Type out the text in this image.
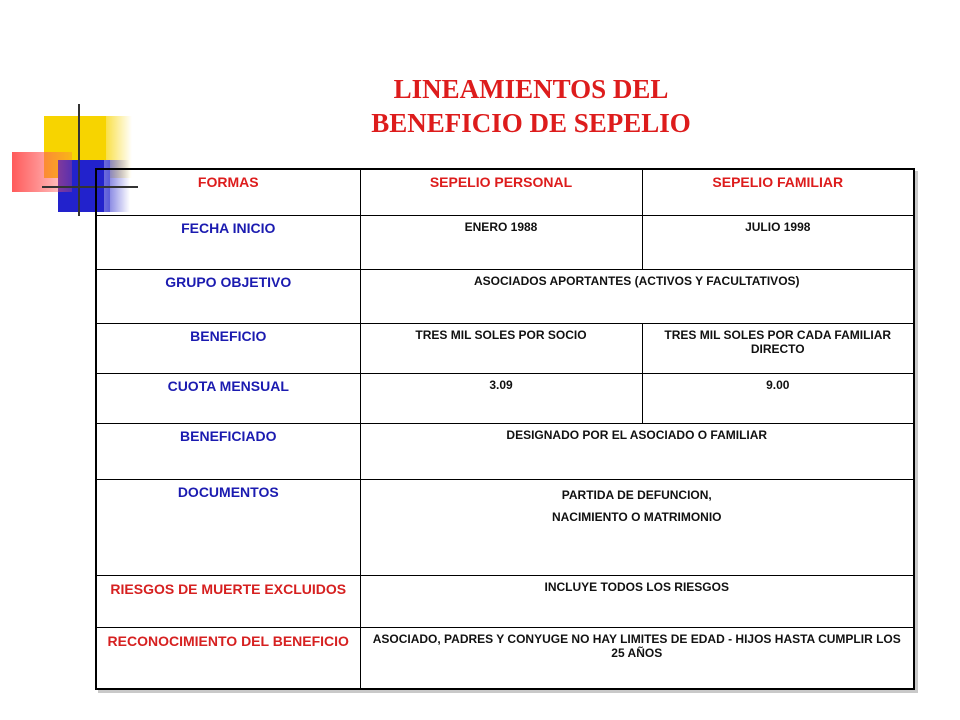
LINEAMIENTOS DEL
BENEFICIO DE SEPELIO
FORMAS	SEPELIO PERSONAL	SEPELIO FAMILIAR
FECHA INICIO	ENERO 1988	JULIO 1998
GRUPO OBJETIVO	ASOCIADOS APORTANTES (ACTIVOS Y FACULTATIVOS)	
BENEFICIO	TRES MIL SOLES POR SOCIO	TRES MIL SOLES POR CADA FAMILIAR DIRECTO
CUOTA MENSUAL	3.09	9.00
BENEFICIADO	DESIGNADO POR EL ASOCIADO O FAMILIAR	
DOCUMENTOS	PARTIDA DE DEFUNCION,
NACIMIENTO O MATRIMONIO	

RIESGOS DE MUERTE EXCLUIDOS	INCLUYE TODOS LOS RIESGOS	
RECONOCIMIENTO DEL BENEFICIO	ASOCIADO, PADRES Y CONYUGE NO HAY LIMITES DE EDAD - HIJOS HASTA CUMPLIR LOS 25 AÑOS	
